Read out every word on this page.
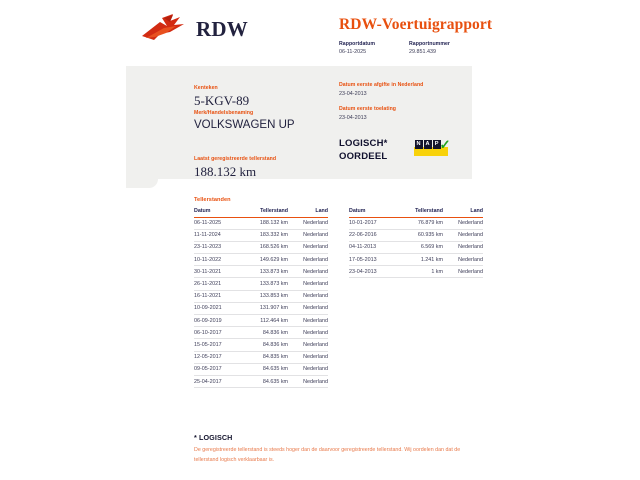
RDW	RDW-Voertuigrapport
Rapportdatum
06-11-2025
Rapportnummer
29.851.439
Kenteken
5-KGV-89
Merk/Handelsbenaming
VOLKSWAGEN UP
Laatst geregistreerde tellerstand
188.132 km
Datum eerste afgifte in Nederland
23-04-2013
Datum eerste toelating
23-04-2013
LOGISCH*
OORDEEL
N A P ✓
Tellerstanden
Datum	Tellerstand	Land
06-11-2025	188.132 km	Nederland
11-11-2024	183.332 km	Nederland
23-11-2023	168.526 km	Nederland
10-11-2022	149.629 km	Nederland
30-11-2021	133.873 km	Nederland
26-11-2021	133.873 km	Nederland
16-11-2021	133.853 km	Nederland
10-09-2021	131.907 km	Nederland
06-09-2019	112.464 km	Nederland
06-10-2017	84.836 km	Nederland
15-05-2017	84.836 km	Nederland
12-05-2017	84.835 km	Nederland
09-05-2017	84.635 km	Nederland
25-04-2017	84.635 km	Nederland
Datum	Tellerstand	Land
10-01-2017	76.879 km	Nederland
22-06-2016	60.935 km	Nederland
04-11-2013	6.569 km	Nederland
17-05-2013	1.241 km	Nederland
23-04-2013	1 km	Nederland
* LOGISCH
De geregistreerde tellerstand is steeds hoger dan de daarvoor geregistreerde tellerstand. Wij oordelen dan dat de tellerstand logisch verklaarbaar is.
